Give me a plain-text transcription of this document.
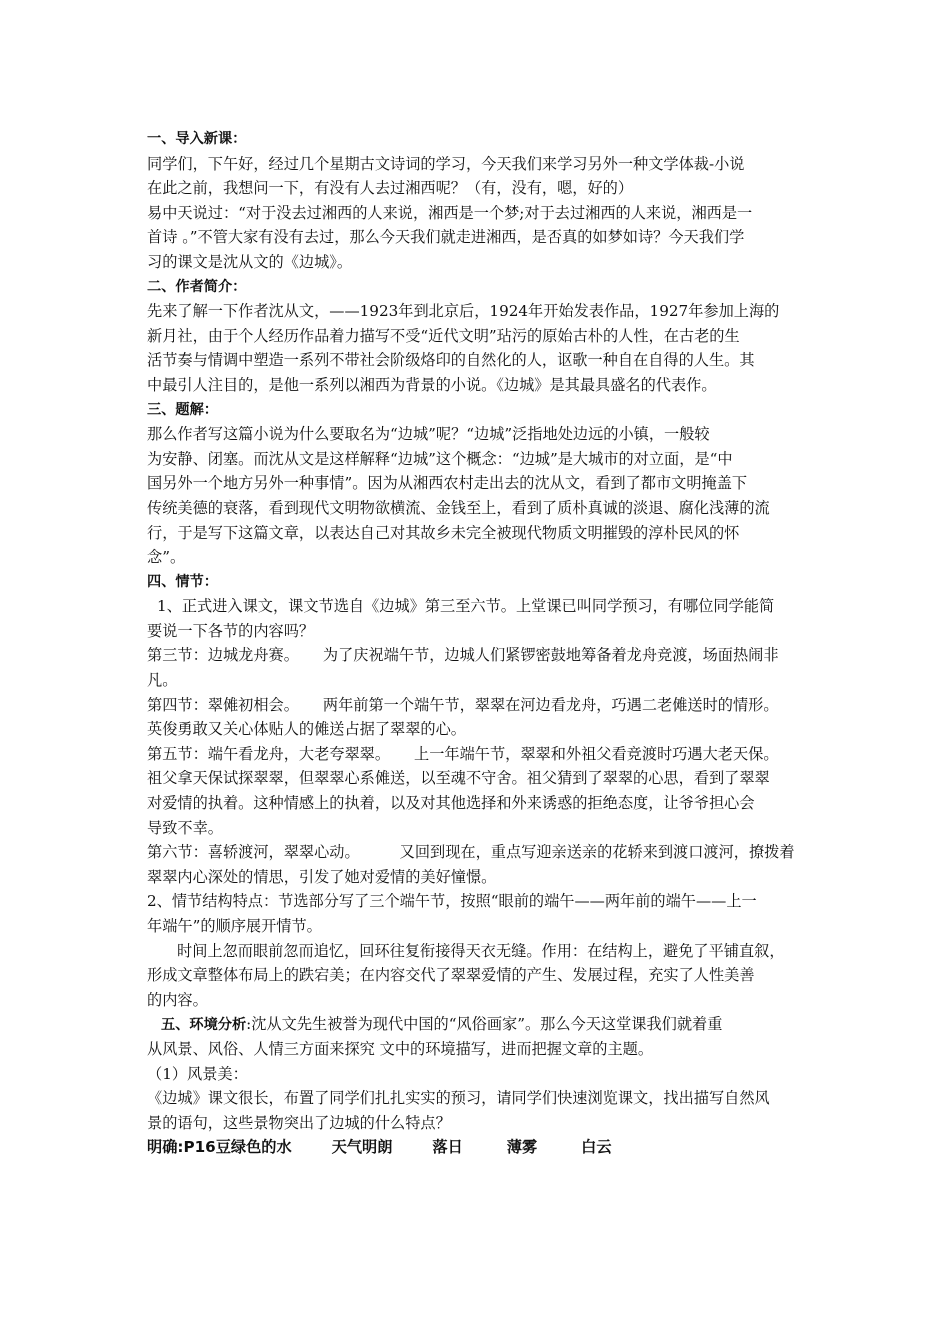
一、导入新课：
同学们，下午好，经过几个星期古文诗词的学习，今天我们来学习另外一种文学体裁-小说
在此之前，我想问一下，有没有人去过湘西呢？（有，没有，嗯，好的）
易中天说过：“对于没去过湘西的人来说，湘西是一个梦;对于去过湘西的人来说，湘西是一
首诗 。”不管大家有没有去过，那么今天我们就走进湘西，是否真的如梦如诗？今天我们学
习的课文是沈从文的《边城》。
二、作者简介：
先来了解一下作者沈从文，——1923年到北京后，1924年开始发表作品，1927年参加上海的
新月社，由于个人经历作品着力描写不受“近代文明”玷污的原始古朴的人性，在古老的生
活节奏与情调中塑造一系列不带社会阶级烙印的自然化的人，讴歌一种自在自得的人生。其
中最引人注目的，是他一系列以湘西为背景的小说。《边城》是其最具盛名的代表作。
三、题解：
那么作者写这篇小说为什么要取名为“边城”呢？“边城”泛指地处边远的小镇，一般较
为安静、闭塞。而沈从文是这样解释“边城”这个概念：“边城”是大城市的对立面，是“中
国另外一个地方另外一种事情”。因为从湘西农村走出去的沈从文，看到了都市文明掩盖下
传统美德的衰落，看到现代文明物欲横流、金钱至上，看到了质朴真诚的淡退、腐化浅薄的流
行，于是写下这篇文章，以表达自己对其故乡未完全被现代物质文明摧毁的淳朴民风的怀
念”。
四、情节：
1、正式进入课文，课文节选自《边城》第三至六节。上堂课已叫同学预习，有哪位同学能简
要说一下各节的内容吗？
第三节：边城龙舟赛。 为了庆祝端午节，边城人们紧锣密鼓地筹备着龙舟竞渡，场面热闹非
凡。
第四节：翠傩初相会。 两年前第一个端午节，翠翠在河边看龙舟，巧遇二老傩送时的情形。
英俊勇敢又关心体贴人的傩送占据了翠翠的心。
第五节：端午看龙舟，大老夸翠翠。 上一年端午节，翠翠和外祖父看竞渡时巧遇大老天保。
祖父拿天保试探翠翠，但翠翠心系傩送，以至魂不守舍。祖父猜到了翠翠的心思，看到了翠翠
对爱情的执着。这种情感上的执着，以及对其他选择和外来诱惑的拒绝态度，让爷爷担心会
导致不幸。
第六节：喜轿渡河，翠翠心动。	又回到现在，重点写迎亲送亲的花轿来到渡口渡河，撩拨着
翠翠内心深处的情思，引发了她对爱情的美好憧憬。
2、情节结构特点：节选部分写了三个端午节，按照“眼前的端午——两年前的端午——上一
年端午”的顺序展开情节。
时间上忽而眼前忽而追忆，回环往复衔接得天衣无缝。作用：在结构上，避免了平铺直叙，
形成文章整体布局上的跌宕美；在内容交代了翠翠爱情的产生、发展过程，充实了人性美善
的内容。
五、环境分析:沈从文先生被誉为现代中国的“风俗画家”。那么今天这堂课我们就着重
从风景、风俗、人情三方面来探究 文中的环境描写，进而把握文章的主题。
（1）风景美：
《边城》课文很长，布置了同学们扎扎实实的预习，请同学们快速浏览课文，找出描写自然风
景的语句，这些景物突出了边城的什么特点？
明确:P16豆绿色的水	天气明朗	落日	薄雾	白云
